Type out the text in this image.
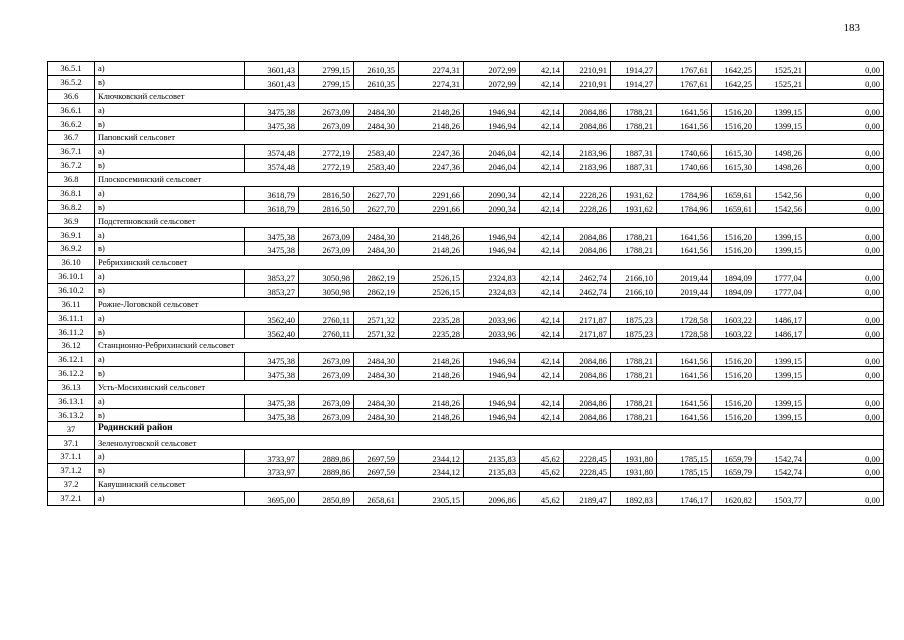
183
36.5.1	а)	3601,43	2799,15	2610,35	2274,31	2072,99	42,14	2210,91	1914,27	1767,61	1642,25	1525,21	0,00
36.5.2	в)	3601,43	2799,15	2610,35	2274,31	2072,99	42,14	2210,91	1914,27	1767,61	1642,25	1525,21	0,00
36.6	Ключковский сельсовет												
36.6.1	а)	3475,38	2673,09	2484,30	2148,26	1946,94	42,14	2084,86	1788,21	1641,56	1516,20	1399,15	0,00
36.6.2	в)	3475,38	2673,09	2484,30	2148,26	1946,94	42,14	2084,86	1788,21	1641,56	1516,20	1399,15	0,00
36.7	Паповский сельсовет												
36.7.1	а)	3574,48	2772,19	2583,40	2247,36	2046,04	42,14	2183,96	1887,31	1740,66	1615,30	1498,26	0,00
36.7.2	в)	3574,48	2772,19	2583,40	2247,36	2046,04	42,14	2183,96	1887,31	1740,66	1615,30	1498,26	0,00
36.8	Плоскосеминский сельсовет												
36.8.1	а)	3618,79	2816,50	2627,70	2291,66	2090,34	42,14	2228,26	1931,62	1784,96	1659,61	1542,56	0,00
36.8.2	в)	3618,79	2816,50	2627,70	2291,66	2090,34	42,14	2228,26	1931,62	1784,96	1659,61	1542,56	0,00
36.9	Подстепновский сельсовет												
36.9.1	а)	3475,38	2673,09	2484,30	2148,26	1946,94	42,14	2084,86	1788,21	1641,56	1516,20	1399,15	0,00
36.9.2	в)	3475,38	2673,09	2484,30	2148,26	1946,94	42,14	2084,86	1788,21	1641,56	1516,20	1399,15	0,00
36.10	Ребрихинский сельсовет												
36.10.1	а)	3853,27	3050,98	2862,19	2526,15	2324,83	42,14	2462,74	2166,10	2019,44	1894,09	1777,04	0,00
36.10.2	в)	3853,27	3050,98	2862,19	2526,15	2324,83	42,14	2462,74	2166,10	2019,44	1894,09	1777,04	0,00
36.11	Рожне-Логовской сельсовет												
36.11.1	а)	3562,40	2760,11	2571,32	2235,28	2033,96	42,14	2171,87	1875,23	1728,58	1603,22	1486,17	0,00
36.11.2	в)	3562,40	2760,11	2571,32	2235,28	2033,96	42,14	2171,87	1875,23	1728,58	1603,22	1486,17	0,00
36.12	Станционно-Ребрихинский сельсовет												
36.12.1	а)	3475,38	2673,09	2484,30	2148,26	1946,94	42,14	2084,86	1788,21	1641,56	1516,20	1399,15	0,00
36.12.2	в)	3475,38	2673,09	2484,30	2148,26	1946,94	42,14	2084,86	1788,21	1641,56	1516,20	1399,15	0,00
36.13	Усть-Мосихинский сельсовет												
36.13.1	а)	3475,38	2673,09	2484,30	2148,26	1946,94	42,14	2084,86	1788,21	1641,56	1516,20	1399,15	0,00
36.13.2	в)	3475,38	2673,09	2484,30	2148,26	1946,94	42,14	2084,86	1788,21	1641,56	1516,20	1399,15	0,00
37	Родинский район												
37.1	Зеленолуговской сельсовет												
37.1.1	а)	3733,97	2889,86	2697,59	2344,12	2135,83	45,62	2228,45	1931,80	1785,15	1659,79	1542,74	0,00
37.1.2	в)	3733,97	2889,86	2697,59	2344,12	2135,83	45,62	2228,45	1931,80	1785,15	1659,79	1542,74	0,00
37.2	Каяушинский сельсовет												
37.2.1	а)	3695,00	2850,89	2658,61	2305,15	2096,86	45,62	2189,47	1892,83	1746,17	1620,82	1503,77	0,00
